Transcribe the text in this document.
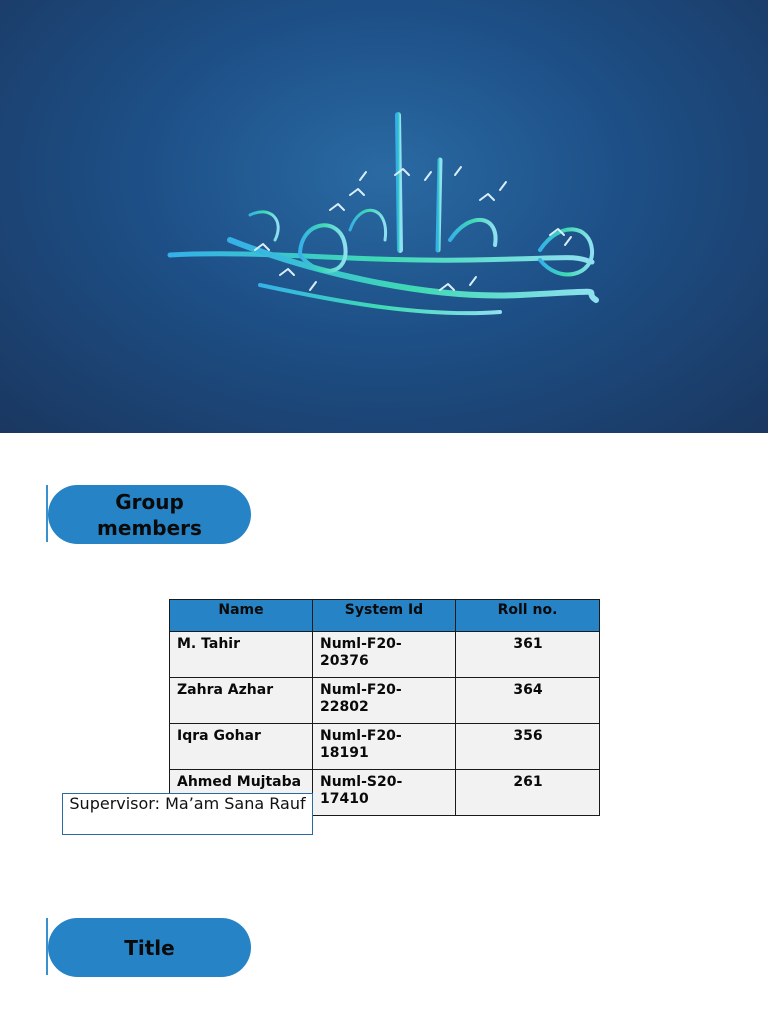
Group members
Name	System Id	Roll no.
M. Tahir	Numl-F20-20376	361
Zahra Azhar	Numl-F20-22802	364
Iqra Gohar	Numl-F20-18191	356
Ahmed Mujtaba	Numl-S20-17410	261
Supervisor: Ma’am Sana Rauf
Title
